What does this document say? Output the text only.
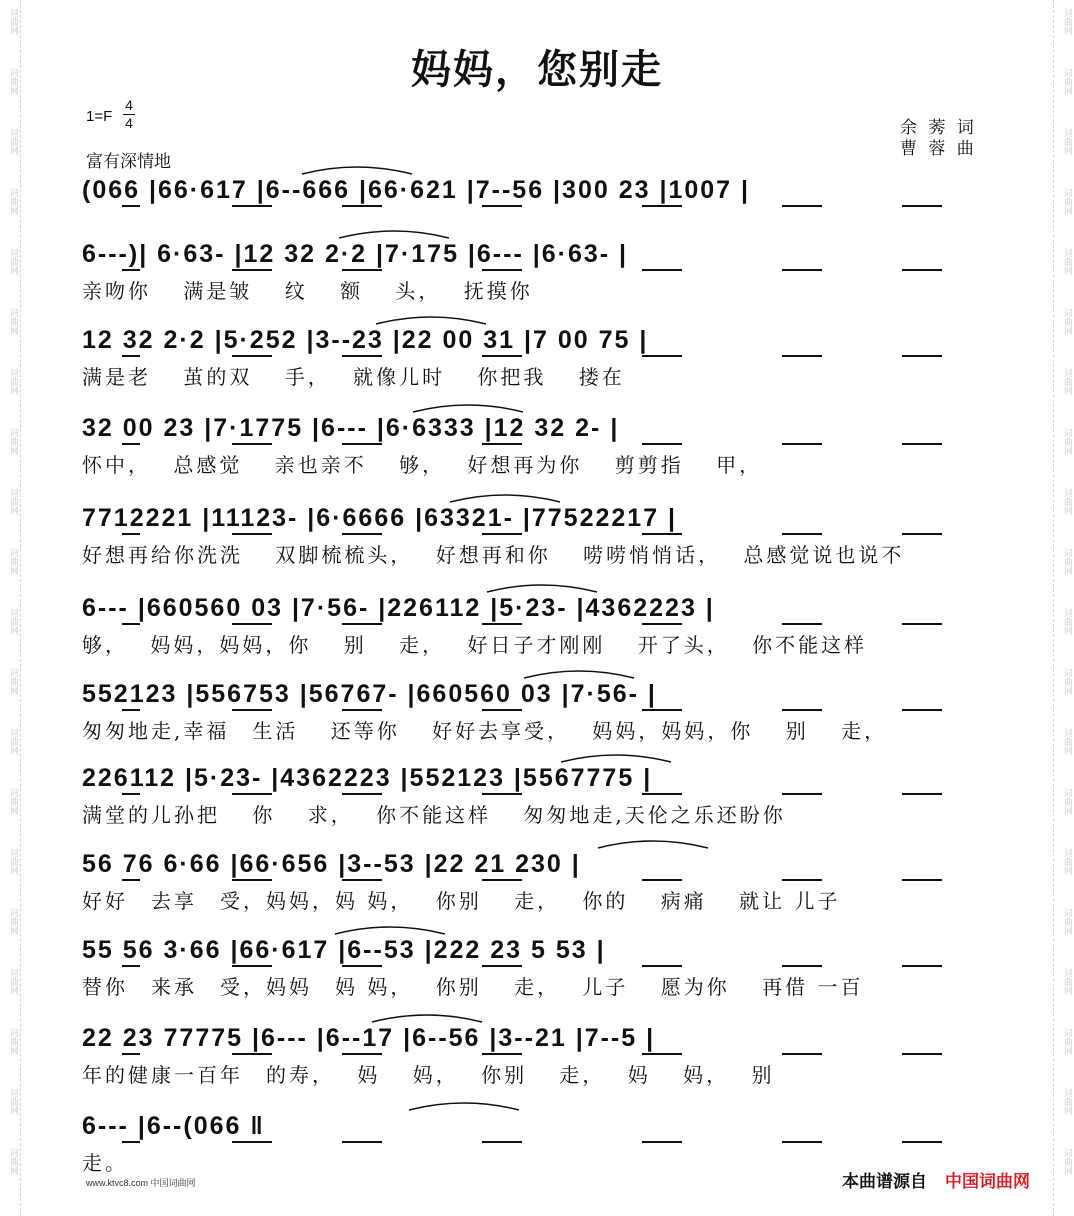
词曲网
词曲网
词曲网
词曲网
词曲网
词曲网
词曲网
词曲网
词曲网
词曲网
词曲网
词曲网
词曲网
词曲网
词曲网
词曲网
词曲网
词曲网
词曲网
词曲网
词曲网
词曲网
词曲网
词曲网
词曲网
词曲网
词曲网
词曲网
词曲网
词曲网
词曲网
词曲网
词曲网
词曲网
词曲网
词曲网
词曲网
词曲网
词曲网
词曲网
妈妈，您别走
1=F
4
4
富有深情地
余 莠 词
曹 蓉 曲
(066 |66·617 |6--666 |66·621 |7--56 |300 23 |1007 |
6---)| 6·63- |12 32 2·2 |7·175 |6--- |6·63- |
亲吻你　 满是皱　 纹　 额　 头，　 抚摸你
12 32 2·2 |5·252 |3--23 |22 00 31 |7 00 75 |
满是老　 茧的双　 手，　 就像儿时　 你把我　 搂在
32 00 23 |7·1775 |6--- |6·6333 |12 32 2- |
怀中，　 总感觉　 亲也亲不　 够，　 好想再为你　 剪剪指　 甲，
7712221 |11123- |6·6666 |63321- |77522217 |
好想再给你洗洗　 双脚梳梳头，　 好想再和你　 唠唠悄悄话，　 总感觉说也说不
6--- |660560 03 |7·56- |226112 |5·23- |4362223 |
够，　 妈妈，妈妈，你　 别　 走，　 好日子才刚刚　 开了头，　 你不能这样
552123 |556753 |56767- |660560 03 |7·56- |
匆匆地走,幸福　生活　 还等你　 好好去享受，　 妈妈，妈妈，你　 别　 走，
226112 |5·23- |4362223 |552123 |5567775 |
满堂的儿孙把　 你　 求，　 你不能这样　 匆匆地走,天伦之乐还盼你
56 76 6·66 |66·656 |3--53 |22 21 230 |
好好　去享　受，妈妈，妈 妈，　 你别　 走，　 你的　 病痛　 就让 儿子
55 56 3·66 |66·617 |6--53 |222 23 5 53 |
替你　来承　受，妈妈　妈 妈，　 你别　 走，　 儿子　 愿为你　 再借 一百
22 23 77775 |6--- |6--17 |6--56 |3--21 |7--5 |
年的健康一百年　的寿，　 妈　 妈，　 你别　 走，　 妈　 妈，　 别
6--- |6--(066 ‖
走。
www.ktvc8.com 中国词曲网	本曲谱源自 中国词曲网
